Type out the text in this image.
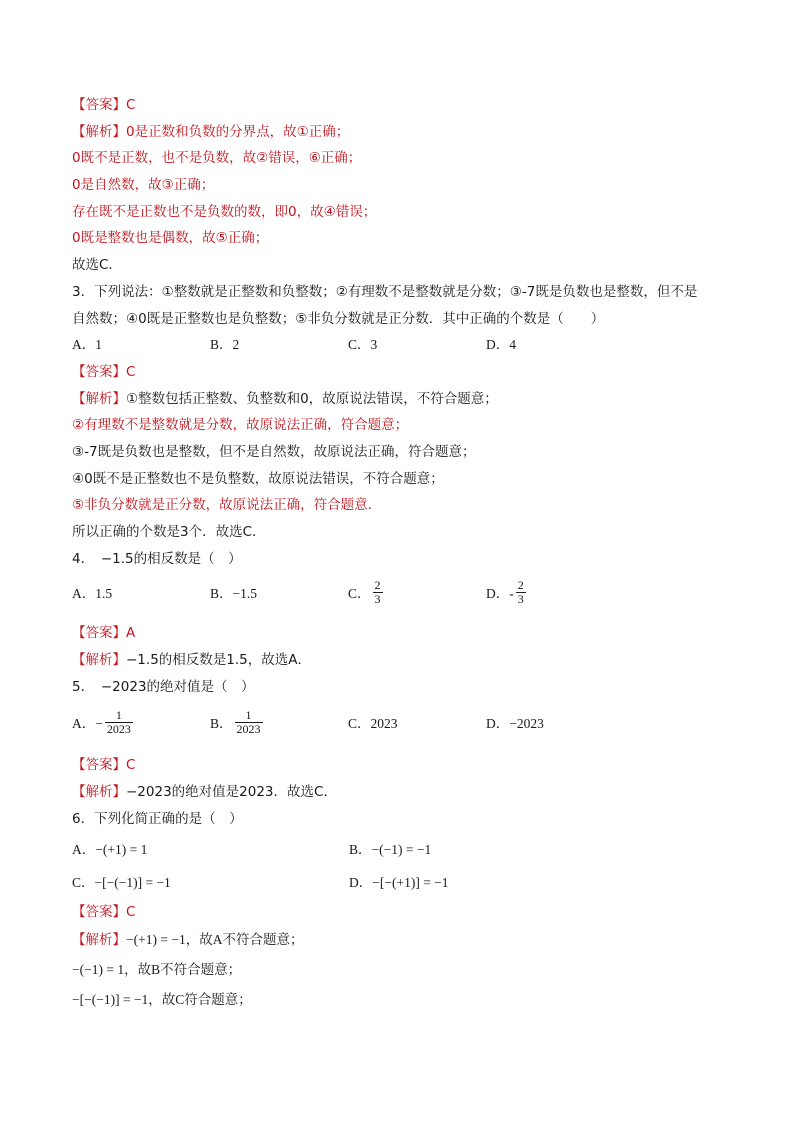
【答案】C
【解析】0是正数和负数的分界点，故①正确；
0既不是正数，也不是负数，故②错误，⑥正确；
0是自然数，故③正确；
存在既不是正数也不是负数的数，即0，故④错误；
0既是整数也是偶数，故⑤正确；
故选C．
3．下列说法：①整数就是正整数和负整数；②有理数不是整数就是分数；③-7既是负数也是整数，但不是
自然数；④0既是正整数也是负整数；⑤非负分数就是正分数．其中正确的个数是（　　）
A．1	B．2	C．3	D．4
【答案】C
【解析】①整数包括正整数、负整数和0，故原说法错误，不符合题意；
②有理数不是整数就是分数，故原说法正确，符合题意；
③-7既是负数也是整数，但不是自然数，故原说法正确，符合题意；
④0既不是正整数也不是负整数，故原说法错误，不符合题意；
⑤非负分数就是正分数，故原说法正确，符合题意.
所以正确的个数是3个．故选C．
4．　−1.5的相反数是（　）
A．1.5	B．−1.5	C． $\frac{2}{3}$	D．- $\frac{2}{3}$
【答案】A
【解析】−1.5的相反数是1.5，故选A．
5．　−2023的绝对值是（　）
A．− $\frac{1}{2023}$	B． $\frac{1}{2023}$	C．2023	D．−2023
【答案】C
【解析】−2023的绝对值是2023．故选C．
6．下列化简正确的是（　）
A．−(+1) = 1	B．−(−1) = −1
C．−[−(−1)] = −1	D．−[−(+1)] = −1
【答案】C
【解析】−(+1) = −1，故A不符合题意；
−(−1) = 1，故B不符合题意；
−[−(−1)] = −1，故C符合题意；
